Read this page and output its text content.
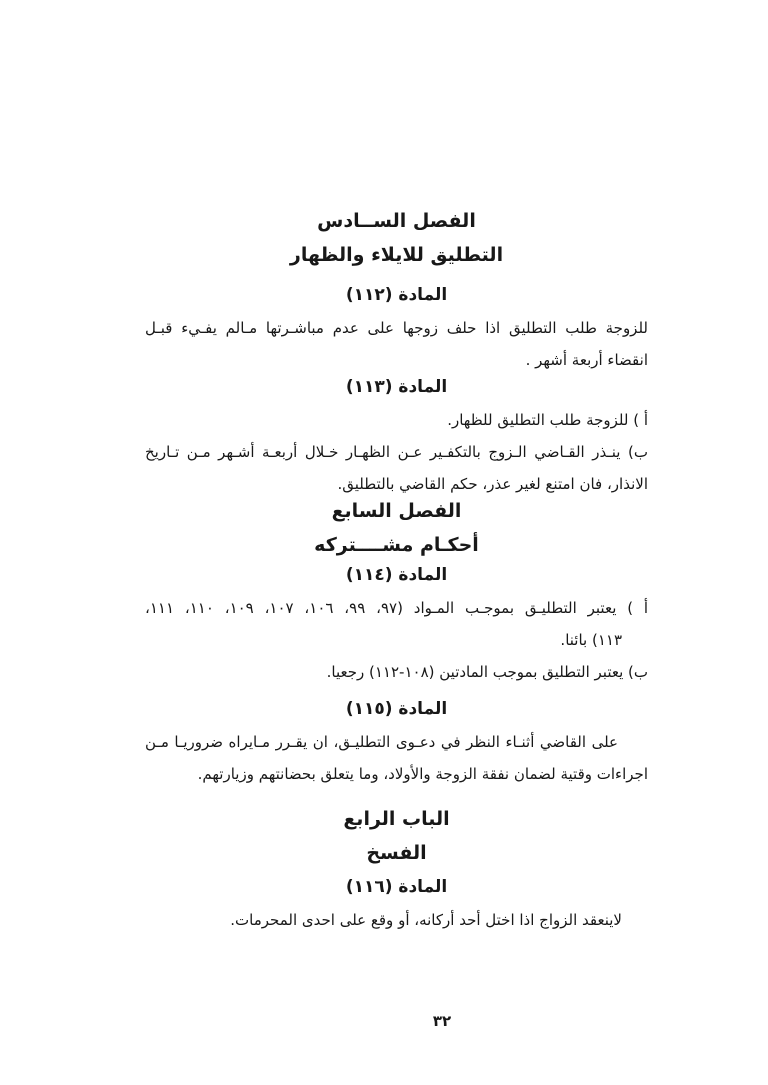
الفصل الســادس
التطليق للايلاء والظهار
المادة (١١٢)
للزوجة طلب التطليق اذا حلف زوجها على عدم مباشـرتها مـالم يفـيء قبـل
انقضاء أربعة أشهر .
المادة (١١٣)
أ ) للزوجة طلب التطليق للظهار.
ب) ينـذر القـاضي الـزوج بالتكفـير عـن الظهـار خـلال أربعـة أشـهر مـن تـاريخ
الانذار، فان امتنع لغير عذر، حكم القاضي بالتطليق.
الفصل السابع
أحكـام مشــــتركه
المادة (١١٤)
أ ) يعتبر التطليـق بموجـب المـواد (٩٧، ٩٩، ١٠٦، ١٠٧، ١٠٩، ١١٠، ١١١،
١١٣) بائنا.
ب) يعتبر التطليق بموجب المادتين (١٠٨-١١٢) رجعيا.
المادة (١١٥)
على القاضي أثنـاء النظر في دعـوى التطليـق، ان يقـرر مـايراه ضروريـا مـن
اجراءات وقتية لضمان نفقة الزوجة والأولاد، وما يتعلق بحضانتهم وزيارتهم.
الباب الرابع
الفسخ
المادة (١١٦)
لاينعقد الزواج اذا اختل أحد أركانه، أو وقع على احدى المحرمات.
٣٢
